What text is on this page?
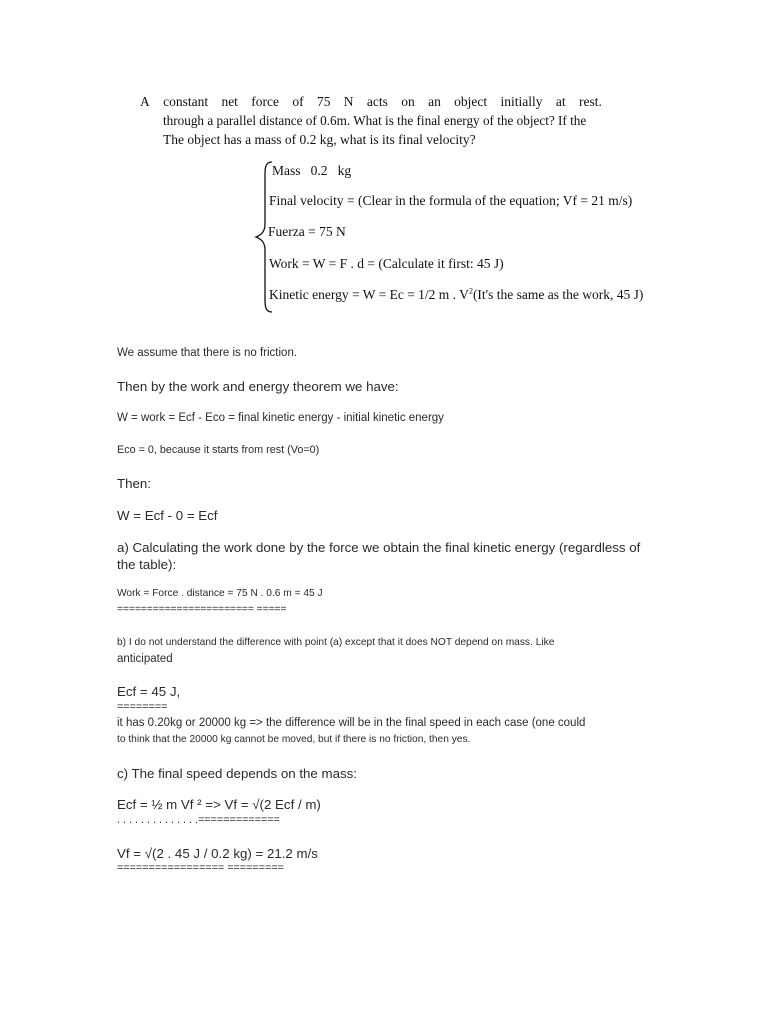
A constant net force of 75 N acts on an object initially at rest.
through a parallel distance of 0.6m. What is the final energy of the object? If the
The object has a mass of 0.2 kg, what is its final velocity?
Mass   0.2   kg
Final velocity = (Clear in the formula of the equation; Vf = 21 m/s)
Fuerza = 75 N
Work = W = F . d = (Calculate it first: 45 J)
Kinetic energy = W = Ec = 1/2 m . $V^2(It's$ the same as the work, 45 J)
We assume that there is no friction.
Then by the work and energy theorem we have:
W = work = Ecf - Eco = final kinetic energy - initial kinetic energy
Eco = 0, because it starts from rest (Vo=0)
Then:
W = Ecf - 0 = Ecf
a) Calculating the work done by the force we obtain the final kinetic energy (regardless of
the table):
Work = Force . distance = 75 N . 0.6 m = 45 J
======================= =====
b) I do not understand the difference with point (a) except that it does NOT depend on mass. Like
anticipated
Ecf = 45 J,
========
it has 0.20kg or 20000 kg => the difference will be in the final speed in each case (one could
to think that the 20000 kg cannot be moved, but if there is no friction, then yes.
c) The final speed depends on the mass:
Ecf = ½ m Vf ² => Vf = √(2 Ecf / m)
. . . . . . . . . . . . . .=============
Vf = √(2 . 45 J / 0.2 kg) = 21.2 m/s
================= =========
